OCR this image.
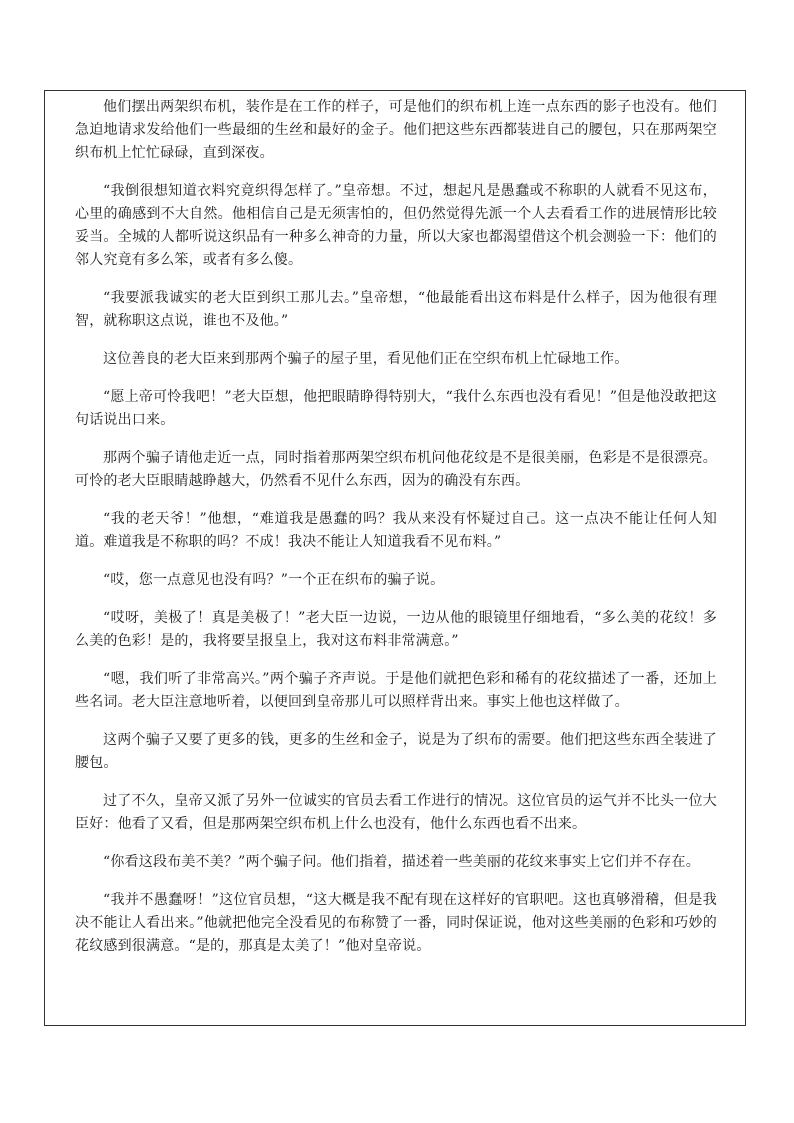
他们摆出两架织布机，装作是在工作的样子，可是他们的织布机上连一点东西的影子也没有。他们急迫地请求发给他们一些最细的生丝和最好的金子。他们把这些东西都装进自己的腰包，只在那两架空织布机上忙忙碌碌，直到深夜。

“我倒很想知道衣料究竟织得怎样了。”皇帝想。不过，想起凡是愚蠢或不称职的人就看不见这布，心里的确感到不大自然。他相信自己是无须害怕的，但仍然觉得先派一个人去看看工作的进展情形比较妥当。全城的人都听说这织品有一种多么神奇的力量，所以大家也都渴望借这个机会测验一下：他们的邻人究竟有多么笨，或者有多么傻。

“我要派我诚实的老大臣到织工那儿去。”皇帝想，“他最能看出这布料是什么样子，因为他很有理智，就称职这点说，谁也不及他。”

这位善良的老大臣来到那两个骗子的屋子里，看见他们正在空织布机上忙碌地工作。

“愿上帝可怜我吧！”老大臣想，他把眼睛睁得特别大，“我什么东西也没有看见！”但是他没敢把这句话说出口来。

那两个骗子请他走近一点，同时指着那两架空织布机问他花纹是不是很美丽，色彩是不是很漂亮。可怜的老大臣眼睛越睁越大，仍然看不见什么东西，因为的确没有东西。

“我的老天爷！”他想，“难道我是愚蠢的吗？我从来没有怀疑过自己。这一点决不能让任何人知道。难道我是不称职的吗？不成！我决不能让人知道我看不见布料。”

“哎，您一点意见也没有吗？”一个正在织布的骗子说。

“哎呀，美极了！真是美极了！”老大臣一边说，一边从他的眼镜里仔细地看，“多么美的花纹！多么美的色彩！是的，我将要呈报皇上，我对这布料非常满意。”

“嗯，我们听了非常高兴。”两个骗子齐声说。于是他们就把色彩和稀有的花纹描述了一番，还加上些名词。老大臣注意地听着，以便回到皇帝那儿可以照样背出来。事实上他也这样做了。

这两个骗子又要了更多的钱，更多的生丝和金子，说是为了织布的需要。他们把这些东西全装进了腰包。

过了不久，皇帝又派了另外一位诚实的官员去看工作进行的情况。这位官员的运气并不比头一位大臣好：他看了又看，但是那两架空织布机上什么也没有，他什么东西也看不出来。

“你看这段布美不美？”两个骗子问。他们指着，描述着一些美丽的花纹来事实上它们并不存在。

“我并不愚蠢呀！”这位官员想，“这大概是我不配有现在这样好的官职吧。这也真够滑稽，但是我决不能让人看出来。”他就把他完全没看见的布称赞了一番，同时保证说，他对这些美丽的色彩和巧妙的花纹感到很满意。“是的，那真是太美了！”他对皇帝说。
